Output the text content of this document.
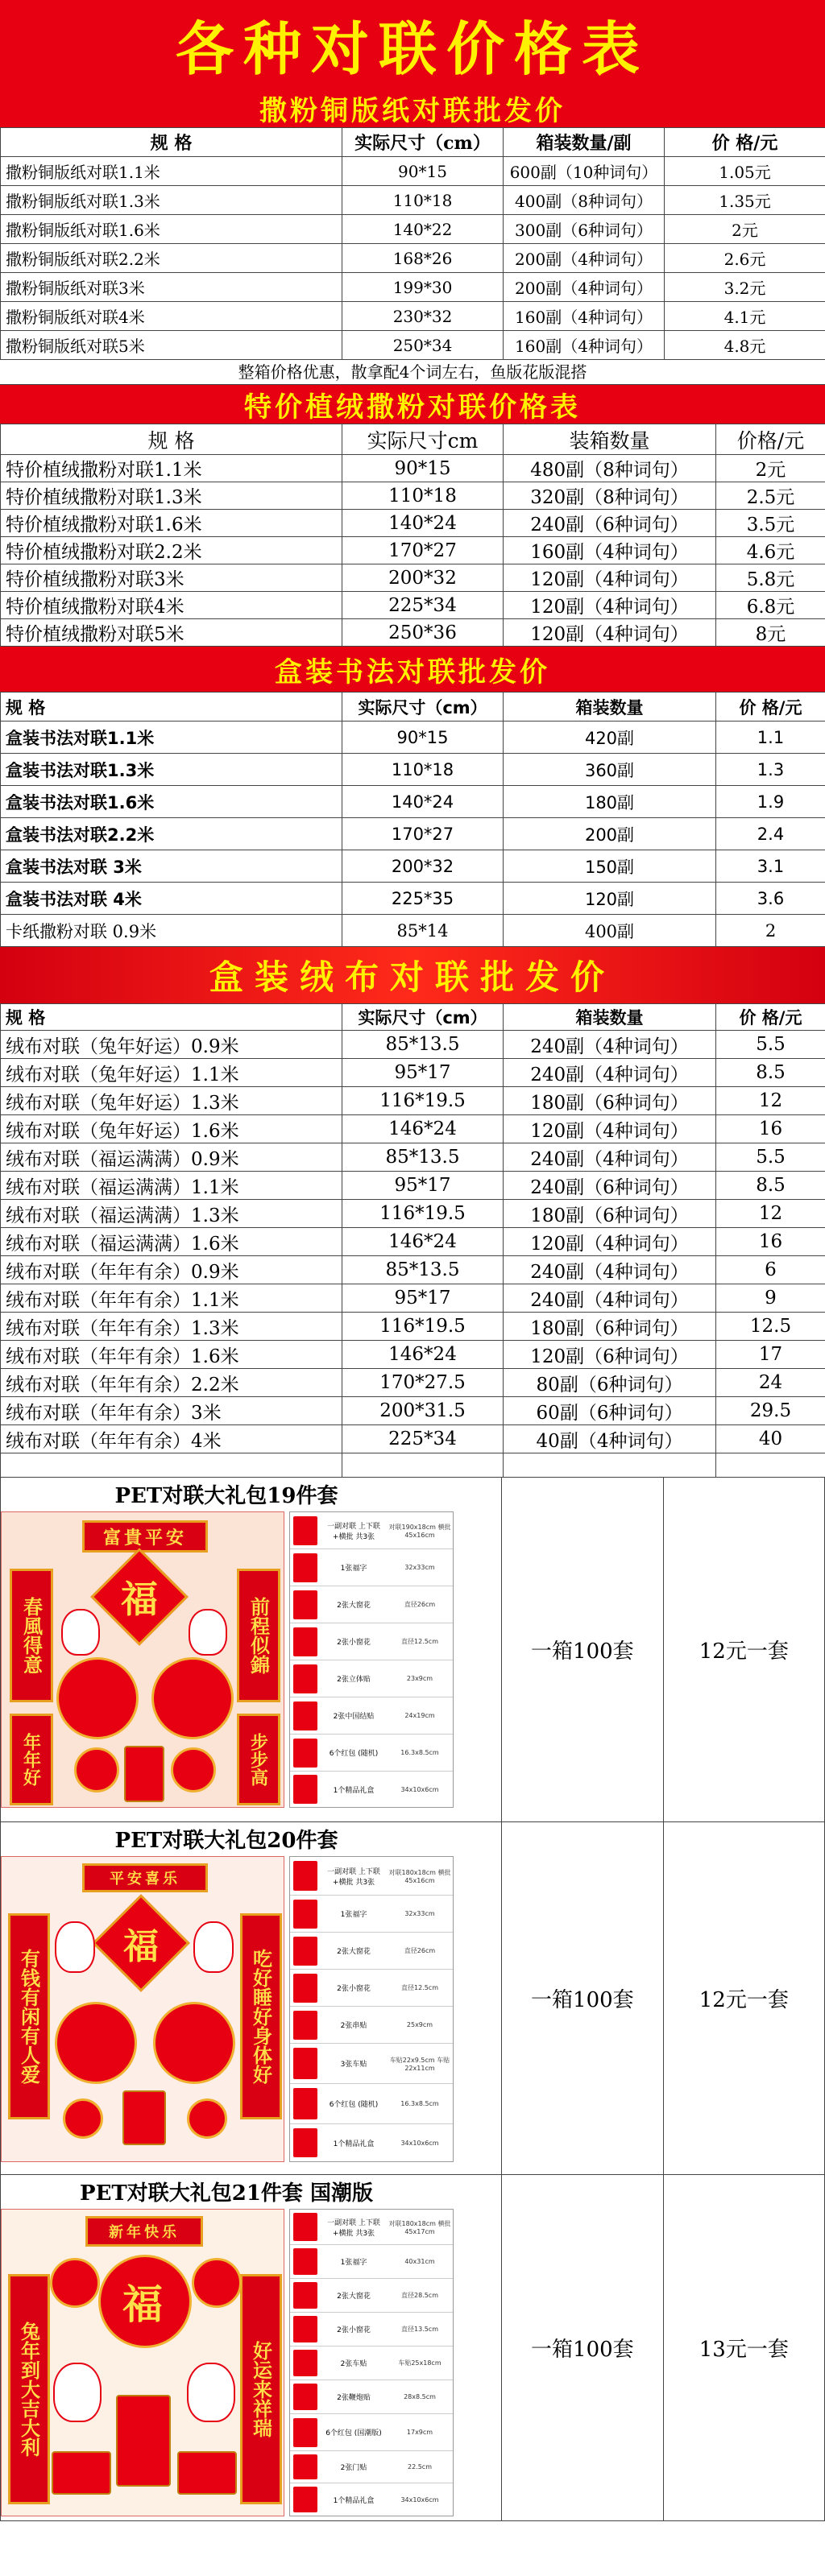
各种对联价格表
撒粉铜版纸对联批发价
规 格	实际尺寸（cm）	箱装数量/副	价 格/元
撒粉铜版纸对联1.1米	90*15	600副（10种词句）	1.05元
撒粉铜版纸对联1.3米	110*18	400副（8种词句）	1.35元
撒粉铜版纸对联1.6米	140*22	300副（6种词句）	2元
撒粉铜版纸对联2.2米	168*26	200副（4种词句）	2.6元
撒粉铜版纸对联3米	199*30	200副（4种词句）	3.2元
撒粉铜版纸对联4米	230*32	160副（4种词句）	4.1元
撒粉铜版纸对联5米	250*34	160副（4种词句）	4.8元
整箱价格优惠，散拿配4个词左右，鱼版花版混搭
特价植绒撒粉对联价格表
规 格	实际尺寸cm	装箱数量	价格/元
特价植绒撒粉对联1.1米	90*15	480副（8种词句）	2元
特价植绒撒粉对联1.3米	110*18	320副（8种词句）	2.5元
特价植绒撒粉对联1.6米	140*24	240副（6种词句）	3.5元
特价植绒撒粉对联2.2米	170*27	160副（4种词句）	4.6元
特价植绒撒粉对联3米	200*32	120副（4种词句）	5.8元
特价植绒撒粉对联4米	225*34	120副（4种词句）	6.8元
特价植绒撒粉对联5米	250*36	120副（4种词句）	8元
盒装书法对联批发价
规 格	实际尺寸（cm）	箱装数量	价 格/元
盒装书法对联1.1米	90*15	420副	1.1
盒装书法对联1.3米	110*18	360副	1.3
盒装书法对联1.6米	140*24	180副	1.9
盒装书法对联2.2米	170*27	200副	2.4
盒装书法对联 3米	200*32	150副	3.1
盒装书法对联 4米	225*35	120副	3.6
卡纸撒粉对联 0.9米	85*14	400副	2
盒装绒布对联批发价
规 格	实际尺寸（cm）	箱装数量	价 格/元
绒布对联（兔年好运）0.9米	85*13.5	240副（4种词句）	5.5
绒布对联（兔年好运）1.1米	95*17	240副（4种词句）	8.5
绒布对联（兔年好运）1.3米	116*19.5	180副（6种词句）	12
绒布对联（兔年好运）1.6米	146*24	120副（4种词句）	16
绒布对联（福运满满）0.9米	85*13.5	240副（4种词句）	5.5
绒布对联（福运满满）1.1米	95*17	240副（6种词句）	8.5
绒布对联（福运满满）1.3米	116*19.5	180副（6种词句）	12
绒布对联（福运满满）1.6米	146*24	120副（4种词句）	16
绒布对联（年年有余）0.9米	85*13.5	240副（4种词句）	6
绒布对联（年年有余）1.1米	95*17	240副（4种词句）	9
绒布对联（年年有余）1.3米	116*19.5	180副（6种词句）	12.5
绒布对联（年年有余）1.6米	146*24	120副（6种词句）	17
绒布对联（年年有余）2.2米	170*27.5	80副（6种词句）	24
绒布对联（年年有余）3米	200*31.5	60副（6种词句）	29.5
绒布对联（年年有余）4米	225*34	40副（4种词句）	40

PET对联大礼包19件套
富貴平安
春風得意	前程似錦
年年好	步步高
福
一副对联 上下联+横批 共3张
对联190x18cm 横批45x16cm
1张福字	32x33cm
2张大窗花	直径26cm
2张小窗花	直径12.5cm
2张立体贴	23x9cm
2张中国结贴	24x19cm
6个红包 (随机)	16.3x8.5cm
1个精品礼盒	34x10x6cm
一箱100套	12元一套
PET对联大礼包20件套
平安喜乐
有钱有闲有人爱	吃好睡好身体好
福
一副对联 上下联+横批 共3张
对联180x18cm 横批45x16cm
1张福字	32x33cm
2张大窗花	直径26cm
2张小窗花	直径12.5cm
2张串贴	25x9cm
3张车贴
车贴22x9.5cm 车贴22x11cm
6个红包 (随机)	16.3x8.5cm
1个精品礼盒	34x10x6cm
一箱100套	12元一套
PET对联大礼包21件套 国潮版
新年快乐
兔年到大吉大利	好运来祥瑞
福
一副对联 上下联+横批 共3张
对联180x18cm 横批45x17cm
1张福字	40x31cm
2张大窗花	直径28.5cm
2张小窗花	直径13.5cm
2张车贴	车贴25x18cm
2张鞭炮贴	28x8.5cm
6个红包 (国潮版)	17x9cm
2张门贴	22.5cm
1个精品礼盒	34x10x6cm
一箱100套	13元一套
